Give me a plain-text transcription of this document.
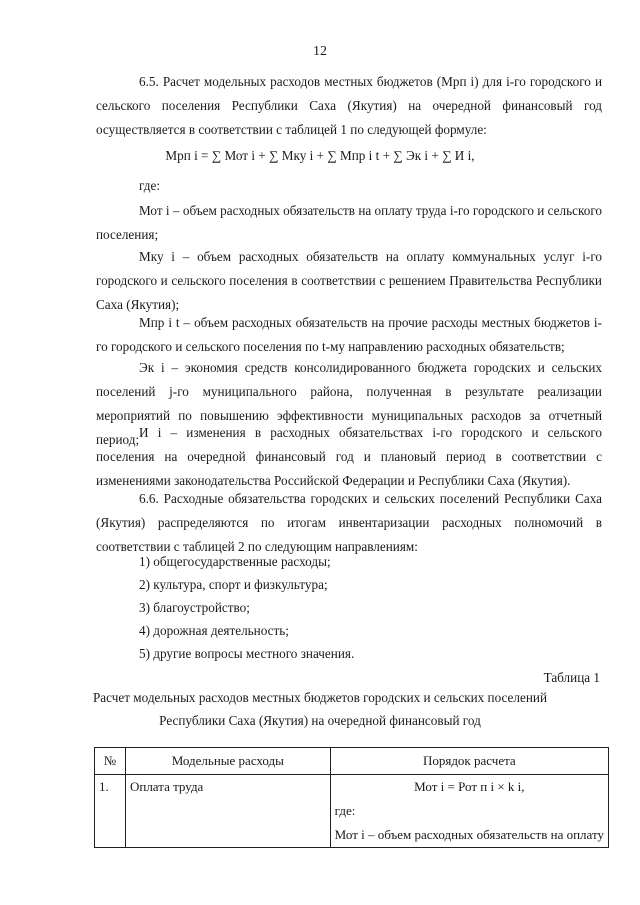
12

6.5. Расчет модельных расходов местных бюджетов (Мрп i) для i-го городского и сельского поселения Республики Саха (Якутия) на очередной финансовый год осуществляется в соответствии с таблицей 1 по следующей формуле:

Мрп i = ∑ Мот i + ∑ Мку i + ∑ Мпр i t + ∑ Эк i + ∑ И i,

где:

Мот i – объем расходных обязательств на оплату труда i-го городского и сельского поселения;

Мку i – объем расходных обязательств на оплату коммунальных услуг i-го городского и сельского поселения в соответствии с решением Правительства Республики Саха (Якутия);

Мпр i t – объем расходных обязательств на прочие расходы местных бюджетов i-го городского и сельского поселения по t-му направлению расходных обязательств;

Эк i – экономия средств консолидированного бюджета городских и сельских поселений j-го муниципального района, полученная в результате реализации мероприятий по повышению эффективности муниципальных расходов за отчетный период; И i – изменения в расходных обязательствах i-го городского и сельского поселения на очередной финансовый год и плановый период в соответствии с изменениями законодательства Российской Федерации и Республики Саха (Якутия).

6.6. Расходные обязательства городских и сельских поселений Республики Саха (Якутия) распределяются по итогам инвентаризации расходных полномочий в соответствии с таблицей 2 по следующим направлениям:

1) общегосударственные расходы;

2) культура, спорт и физкультура;

3) благоустройство;

4) дорожная деятельность;

5) другие вопросы местного значения.

Таблица 1
Расчет модельных расходов местных бюджетов городских и сельских поселений
Республики Саха (Якутия) на очередной финансовый год
№	Модельные расходы	Порядок расчета
1.	Оплата труда	Мот i = Рот п i × k i,
где:
Мот i – объем расходных обязательств на оплату
